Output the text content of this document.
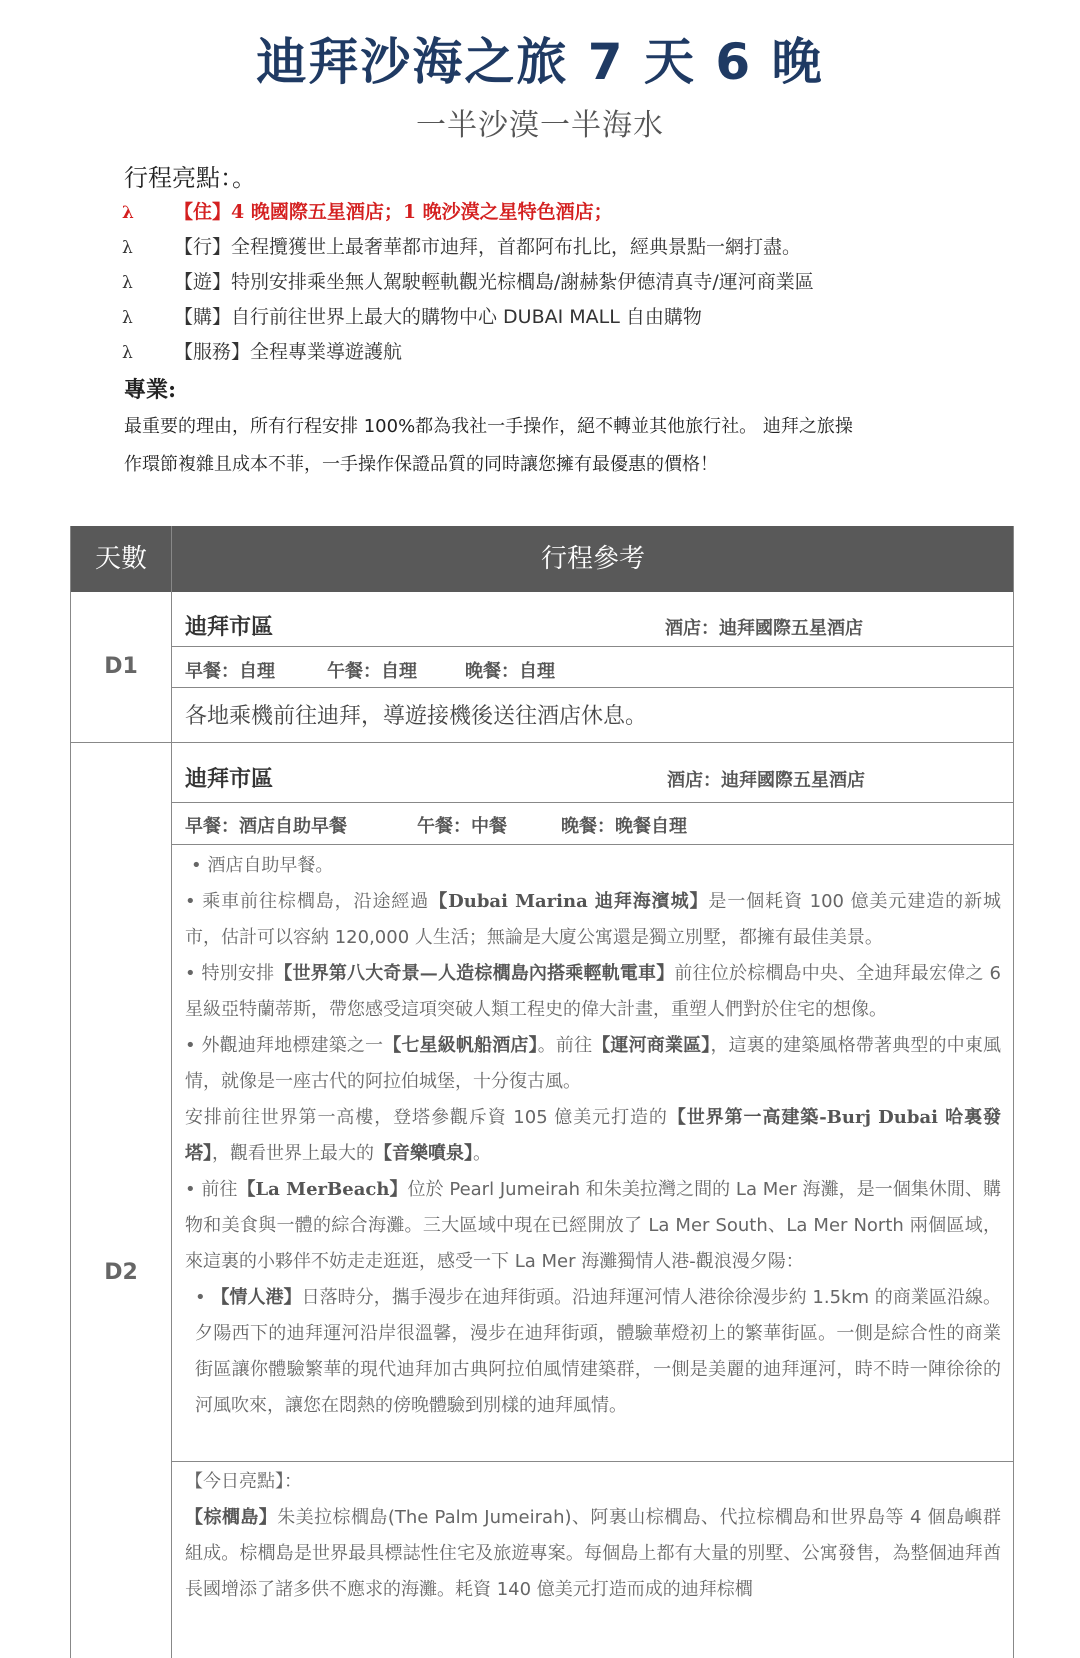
迪拜沙海之旅 7 天 6 晚
一半沙漠一半海水
行程亮點：。
λ 【住】4 晚國際五星酒店；1 晚沙漠之星特色酒店；
λ 【行】全程攬獲世上最奢華都市迪拜，首都阿布扎比，經典景點一網打盡。
λ 【遊】特別安排乘坐無人駕駛輕軌觀光棕櫚島/謝赫紮伊德清真寺/運河商業區
λ 【購】自行前往世界上最大的購物中心 DUBAI MALL 自由購物
λ 【服務】全程專業導遊護航
專業:
最重要的理由，所有行程安排 100%都為我社一手操作，絕不轉並其他旅行社。 迪拜之旅操
作環節複雜且成本不菲，一手操作保證品質的同時讓您擁有最優惠的價格！
天數	行程參考
D1
迪拜市區	酒店：迪拜國際五星酒店
早餐：自理	午餐：自理	晚餐：自理
各地乘機前往迪拜，導遊接機後送往酒店休息。
D2
迪拜市區	酒店：迪拜國際五星酒店
早餐：酒店自助早餐	午餐：中餐	晚餐：晚餐自理

• 酒店自助早餐。

• 乘車前往棕櫚島，沿途經過【Dubai Marina 迪拜海濱城】是一個耗資 100 億美元建造的新城市，估計可以容納 120,000 人生活；無論是大廈公寓還是獨立別墅，都擁有最佳美景。

• 特別安排【世界第八大奇景—人造棕櫚島內搭乘輕軌電車】前往位於棕櫚島中央、全迪拜最宏偉之 6 星級亞特蘭蒂斯，帶您感受這項突破人類工程史的偉大計畫，重塑人們對於住宅的想像。

• 外觀迪拜地標建築之一【七星級帆船酒店】。前往【運河商業區】，這裏的建築風格帶著典型的中東風情，就像是一座古代的阿拉伯城堡，十分復古風。

安排前往世界第一高樓，登塔參觀斥資 105 億美元打造的【世界第一高建築-Burj Dubai 哈裏發塔】，觀看世界上最大的【音樂噴泉】。

• 前往【La MerBeach】位於 Pearl Jumeirah 和朱美拉灣之間的 La Mer 海灘，是一個集休閒、購物和美食與一體的綜合海灘。三大區域中現在已經開放了 La Mer South、La Mer North 兩個區域，來這裏的小夥伴不妨走走逛逛，感受一下 La Mer 海灘獨情人港-觀浪漫夕陽：

• 【情人港】日落時分，攜手漫步在迪拜街頭。沿迪拜運河情人港徐徐漫步約 1.5km 的商業區沿線。夕陽西下的迪拜運河沿岸很溫馨，漫步在迪拜街頭，體驗華燈初上的繁華街區。一側是綜合性的商業街區讓你體驗繁華的現代迪拜加古典阿拉伯風情建築群，一側是美麗的迪拜運河，時不時一陣徐徐的河風吹來，讓您在悶熱的傍晚體驗到別樣的迪拜風情。

【今日亮點】：

【棕櫚島】朱美拉棕櫚島(The Palm Jumeirah)、阿裏山棕櫚島、代拉棕櫚島和世界島等 4 個島嶼群組成。棕櫚島是世界最具標誌性住宅及旅遊專案。每個島上都有大量的別墅、公寓發售，為整個迪拜酋長國增添了諸多供不應求的海灘。耗資 140 億美元打造而成的迪拜棕櫚
